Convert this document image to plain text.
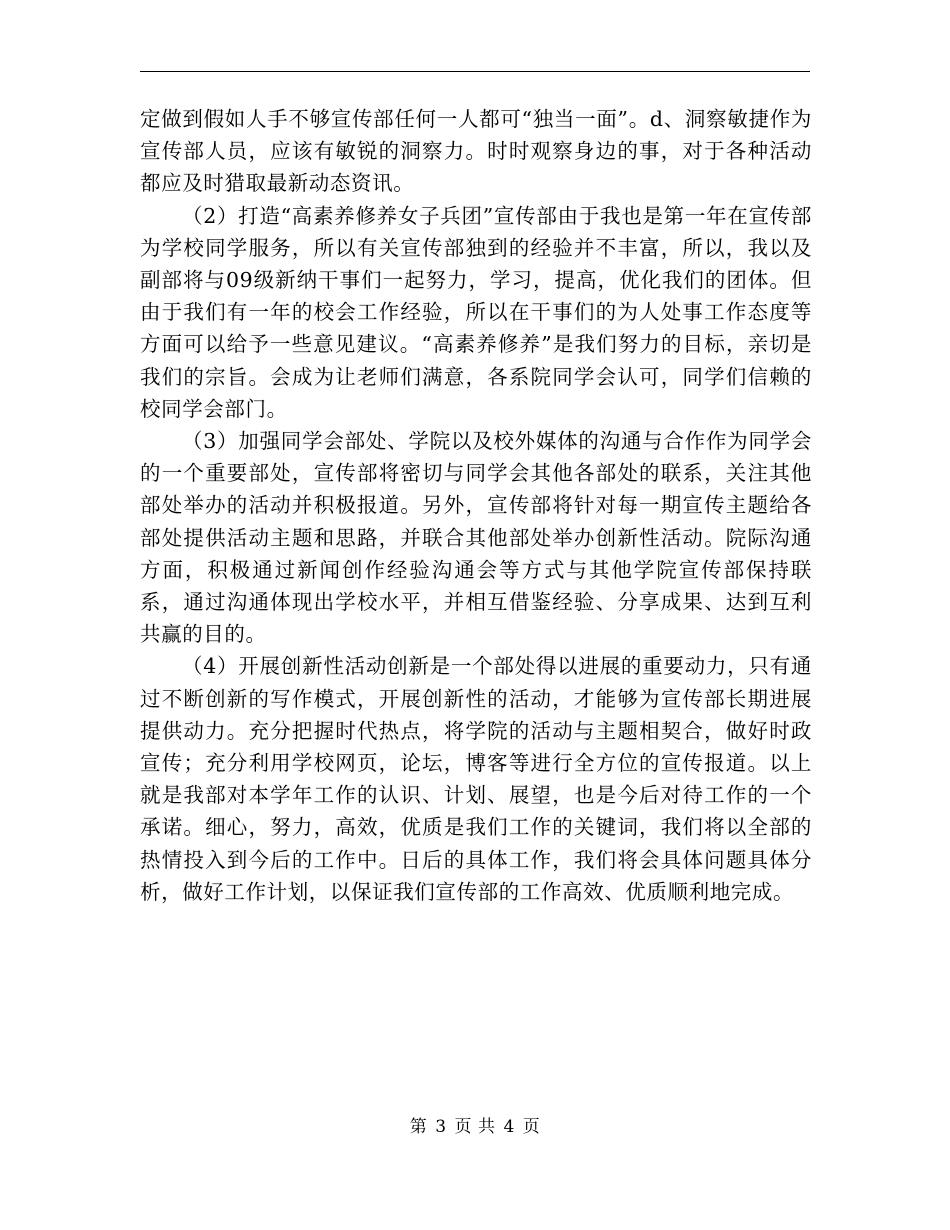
定做到假如人手不够宣传部任何一人都可“独当一面”。d、洞察敏捷作为宣传部人员，应该有敏锐的洞察力。时时观察身边的事，对于各种活动都应及时猎取最新动态资讯。

（2）打造“高素养修养女子兵团”宣传部由于我也是第一年在宣传部为学校同学服务，所以有关宣传部独到的经验并不丰富，所以，我以及副部将与09级新纳干事们一起努力，学习，提高，优化我们的团体。但由于我们有一年的校会工作经验，所以在干事们的为人处事工作态度等方面可以给予一些意见建议。“高素养修养”是我们努力的目标，亲切是我们的宗旨。会成为让老师们满意，各系院同学会认可，同学们信赖的校同学会部门。

（3）加强同学会部处、学院以及校外媒体的沟通与合作作为同学会的一个重要部处，宣传部将密切与同学会其他各部处的联系，关注其他部处举办的活动并积极报道。另外，宣传部将针对每一期宣传主题给各部处提供活动主题和思路，并联合其他部处举办创新性活动。院际沟通方面，积极通过新闻创作经验沟通会等方式与其他学院宣传部保持联系，通过沟通体现出学校水平，并相互借鉴经验、分享成果、达到互利共赢的目的。

（4）开展创新性活动创新是一个部处得以进展的重要动力，只有通过不断创新的写作模式，开展创新性的活动，才能够为宣传部长期进展提供动力。充分把握时代热点，将学院的活动与主题相契合，做好时政宣传；充分利用学校网页，论坛，博客等进行全方位的宣传报道。以上就是我部对本学年工作的认识、计划、展望，也是今后对待工作的一个承诺。细心，努力，高效，优质是我们工作的关键词，我们将以全部的热情投入到今后的工作中。日后的具体工作，我们将会具体问题具体分析，做好工作计划，以保证我们宣传部的工作高效、优质顺利地完成。

第 3 页 共 4 页
